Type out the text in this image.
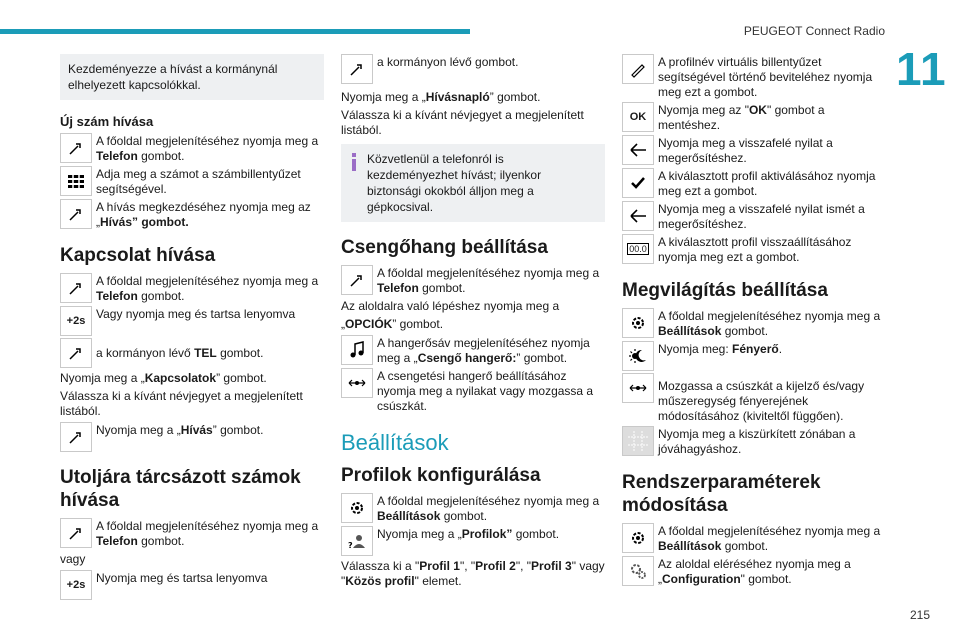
PEUGEOT Connect Radio
11
215
Kezdeményezze a hívást a kormánynál elhelyezett kapcsolókkal.
Új szám hívása
A főoldal megjelenítéséhez nyomja meg a Telefon gombot.
Adja meg a számot a számbillentyűzet segítségével.
A hívás megkezdéséhez nyomja meg az „Hívás” gombot.
Kapcsolat hívása
A főoldal megjelenítéséhez nyomja meg a Telefon gombot.
+2s Vagy nyomja meg és tartsa lenyomva
a kormányon lévő TEL gombot.

Nyomja meg a „Kapcsolatok” gombot.

Válassza ki a kívánt névjegyet a megjelenített listából.

Nyomja meg a „Hívás” gombot.
Utoljára tárcsázott számok hívása
A főoldal megjelenítéséhez nyomja meg a Telefon gombot.

vagy

+2s Nyomja meg és tartsa lenyomva
a kormányon lévő gombot.

Nyomja meg a „Hívásnapló” gombot.

Válassza ki a kívánt névjegyet a megjelenített listából.

Közvetlenül a telefonról is kezdeményezhet hívást; ilyenkor biztonsági okokból álljon meg a gépkocsival.
Csengőhang beállítása
A főoldal megjelenítéséhez nyomja meg a Telefon gombot.

Az aloldalra való lépéshez nyomja meg a

„OPCIÓK” gombot.

A hangerősáv megjelenítéséhez nyomja meg a „Csengő hangerő:” gombot.
A csengetési hangerő beállításához nyomja meg a nyilakat vagy mozgassa a csúszkát.
Beállítások
Profilok konfigurálása
A főoldal megjelenítéséhez nyomja meg a Beállítások gombot.
?
Nyomja meg a „Profilok” gombot.

Válassza ki a "Profil 1", "Profil 2", "Profil 3" vagy "Közös profil" elemet.

A profilnév virtuális billentyűzet segítségével történő beviteléhez nyomja meg ezt a gombot.
OK Nyomja meg az "OK" gombot a mentéshez.
Nyomja meg a visszafelé nyilat a megerősítéshez.
A kiválasztott profil aktiválásához nyomja meg ezt a gombot.
Nyomja meg a visszafelé nyilat ismét a megerősítéshez.
00.0 A kiválasztott profil visszaállításához nyomja meg ezt a gombot.
Megvilágítás beállítása
A főoldal megjelenítéséhez nyomja meg a Beállítások gombot.
Nyomja meg: Fényerő.
Mozgassa a csúszkát a kijelző és/vagy műszeregység fényerejének módosításához (kiviteltől függően).
Nyomja meg a kiszürkített zónában a jóváhagyáshoz.
Rendszerparaméterek módosítása
A főoldal megjelenítéséhez nyomja meg a Beállítások gombot.
Az aloldal eléréséhez nyomja meg a „Configuration" gombot.
